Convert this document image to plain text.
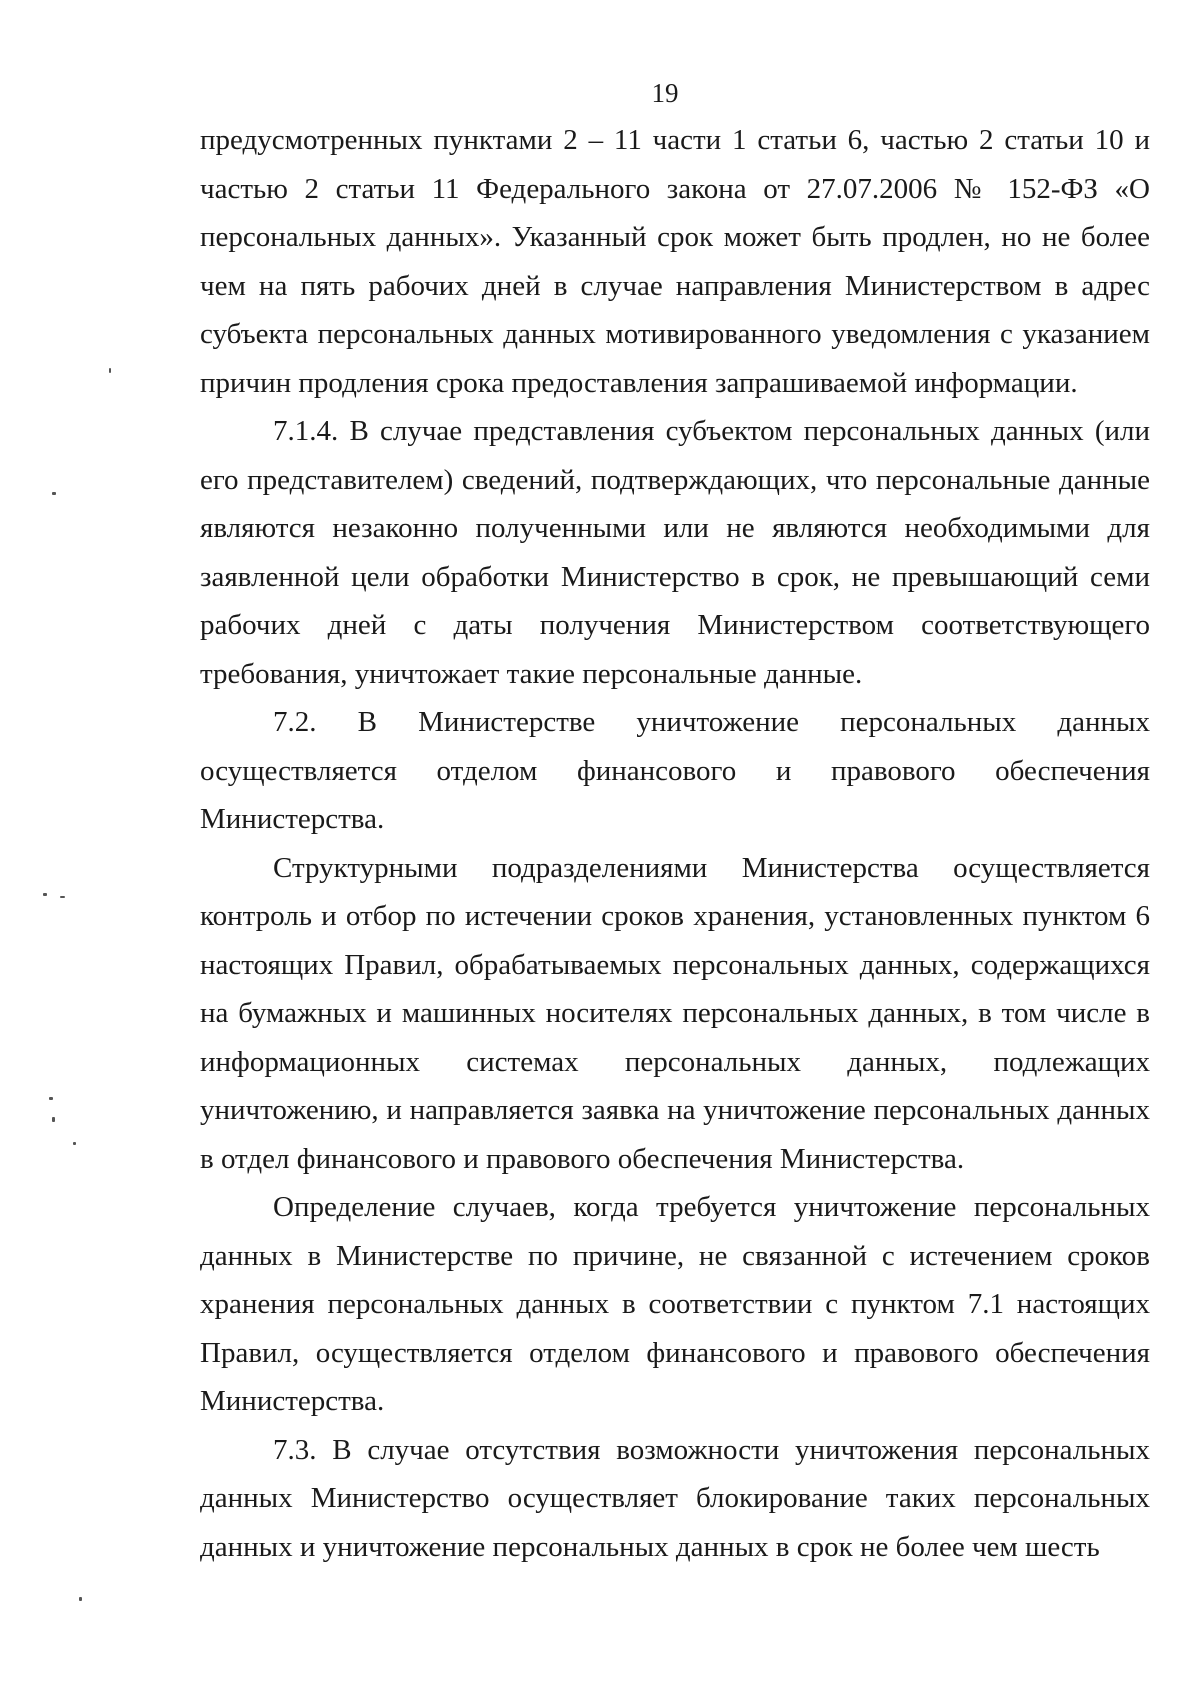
19

предусмотренных пунктами 2 – 11 части 1 статьи 6, частью 2 статьи 10 и частью 2 статьи 11 Федерального закона от 27.07.2006 № 152-ФЗ «О персональных данных». Указанный срок может быть продлен, но не более чем на пять рабочих дней в случае направления Министерством в адрес субъекта персональных данных мотивированного уведомления с указанием причин продления срока предоставления запрашиваемой информации.

7.1.4. В случае представления субъектом персональных данных (или его представителем) сведений, подтверждающих, что персональные данные являются незаконно полученными или не являются необходимыми для заявленной цели обработки Министерство в срок, не превышающий семи рабочих дней с даты получения Министерством соответствующего требования, уничтожает такие персональные данные.

7.2. В Министерстве уничтожение персональных данных осуществляется отделом финансового и правового обеспечения Министерства.

Структурными подразделениями Министерства осуществляется контроль и отбор по истечении сроков хранения, установленных пунктом 6 настоящих Правил, обрабатываемых персональных данных, содержащихся на бумажных и машинных носителях персональных данных, в том числе в информационных системах персональных данных, подлежащих уничтожению, и направляется заявка на уничтожение персональных данных в отдел финансового и правового обеспечения Министерства.

Определение случаев, когда требуется уничтожение персональных данных в Министерстве по причине, не связанной с истечением сроков хранения персональных данных в соответствии с пунктом 7.1 настоящих Правил, осуществляется отделом финансового и правового обеспечения Министерства.

7.3. В случае отсутствия возможности уничтожения персональных данных Министерство осуществляет блокирование таких персональных данных и уничтожение персональных данных в срок не более чем шесть
